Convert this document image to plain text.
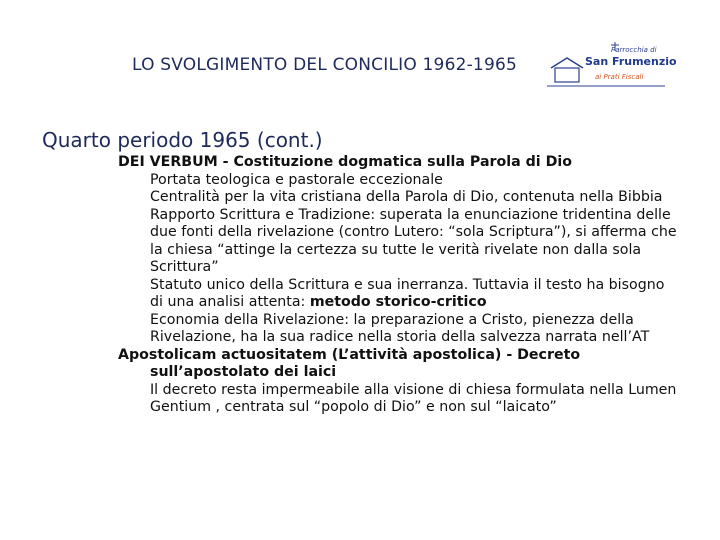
LO SVOLGIMENTO DEL CONCILIO 1962-1965
Parrocchia di
San Frumenzio
ai Prati Fiscali
Quarto periodo 1965 (cont.)
DEI VERBUM - Costituzione dogmatica sulla Parola di Dio
Portata teologica e pastorale eccezionale
Centralità per la vita cristiana della Parola di Dio, contenuta nella Bibbia
Rapporto Scrittura e Tradizione: superata la enunciazione tridentina delle due fonti della rivelazione (contro Lutero: “sola Scriptura”), si afferma che la chiesa “attinge la certezza su tutte le verità rivelate non dalla sola Scrittura”
Statuto unico della Scrittura e sua inerranza. Tuttavia il testo ha bisogno di una analisi attenta: metodo storico-critico
Economia della Rivelazione: la preparazione a Cristo, pienezza della Rivelazione, ha la sua radice nella storia della salvezza narrata nell’AT
Apostolicam actuositatem (L’attività apostolica) - Decreto sull’apostolato dei laici
Il decreto resta impermeabile alla visione di chiesa formulata nella Lumen Gentium , centrata sul “popolo di Dio” e non sul “laicato”
